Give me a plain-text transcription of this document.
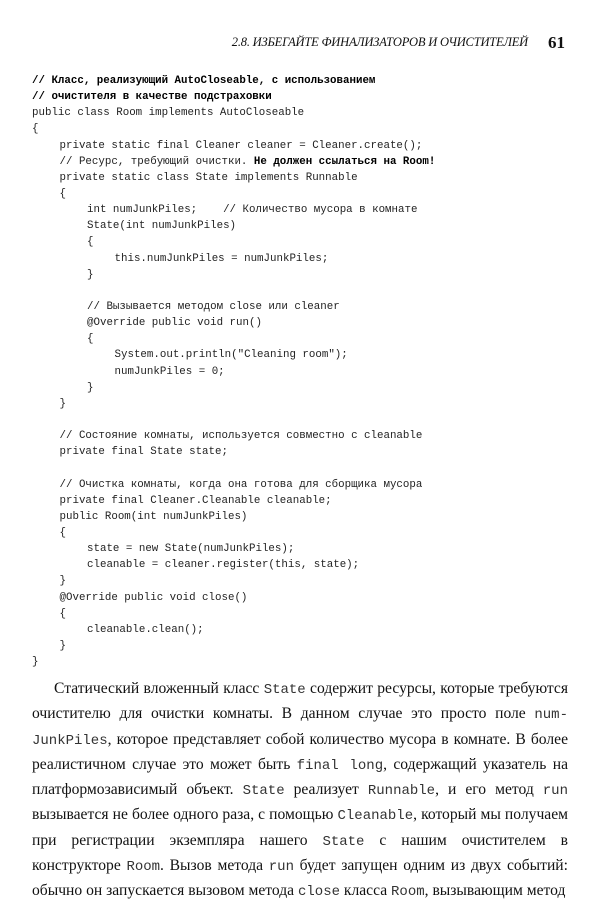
2.8. ИЗБЕГАЙТЕ ФИНАЛИЗАТОРОВ И ОЧИСТИТЕЛЕЙ 61
// Класс, реализующий AutoCloseable, с использованием
// очистителя в качестве подстраховки
public class Room implements AutoCloseable
{
private static final Cleaner cleaner = Cleaner.create();
// Ресурс, требующий очистки. Не должен ссылаться на Room!
private static class State implements Runnable
{
int numJunkPiles;    // Количество мусора в комнате
State(int numJunkPiles)
{
this.numJunkPiles = numJunkPiles;
}
// Вызывается методом close или cleaner
@Override public void run()
{
System.out.println("Cleaning room");
numJunkPiles = 0;
}
}
// Состояние комнаты, используется совместно с cleanable
private final State state;
// Очистка комнаты, когда она готова для сборщика мусора
private final Cleaner.Cleanable cleanable;
public Room(int numJunkPiles)
{
state = new State(numJunkPiles);
cleanable = cleaner.register(this, state);
}
@Override public void close()
{
cleanable.clean();
}
}

Статический вложенный класс State содержит ресурсы, которые требуются очистителю для очистки комнаты. В данном случае это просто поле numJunkPiles, которое представляет собой количество мусора в комнате. В более реалистичном случае это может быть final long, содержащий указатель на платформозависимый объект. State реализует Runnable, и его метод run вызывается не более одного раза, с помощью Cleanable, который мы получаем при регистрации экземпляра нашего State с нашим очистителем в конструкторе Room. Вызов метода run будет запущен одним из двух событий: обычно он запускается вызовом метода close класса Room, вызывающим метод
